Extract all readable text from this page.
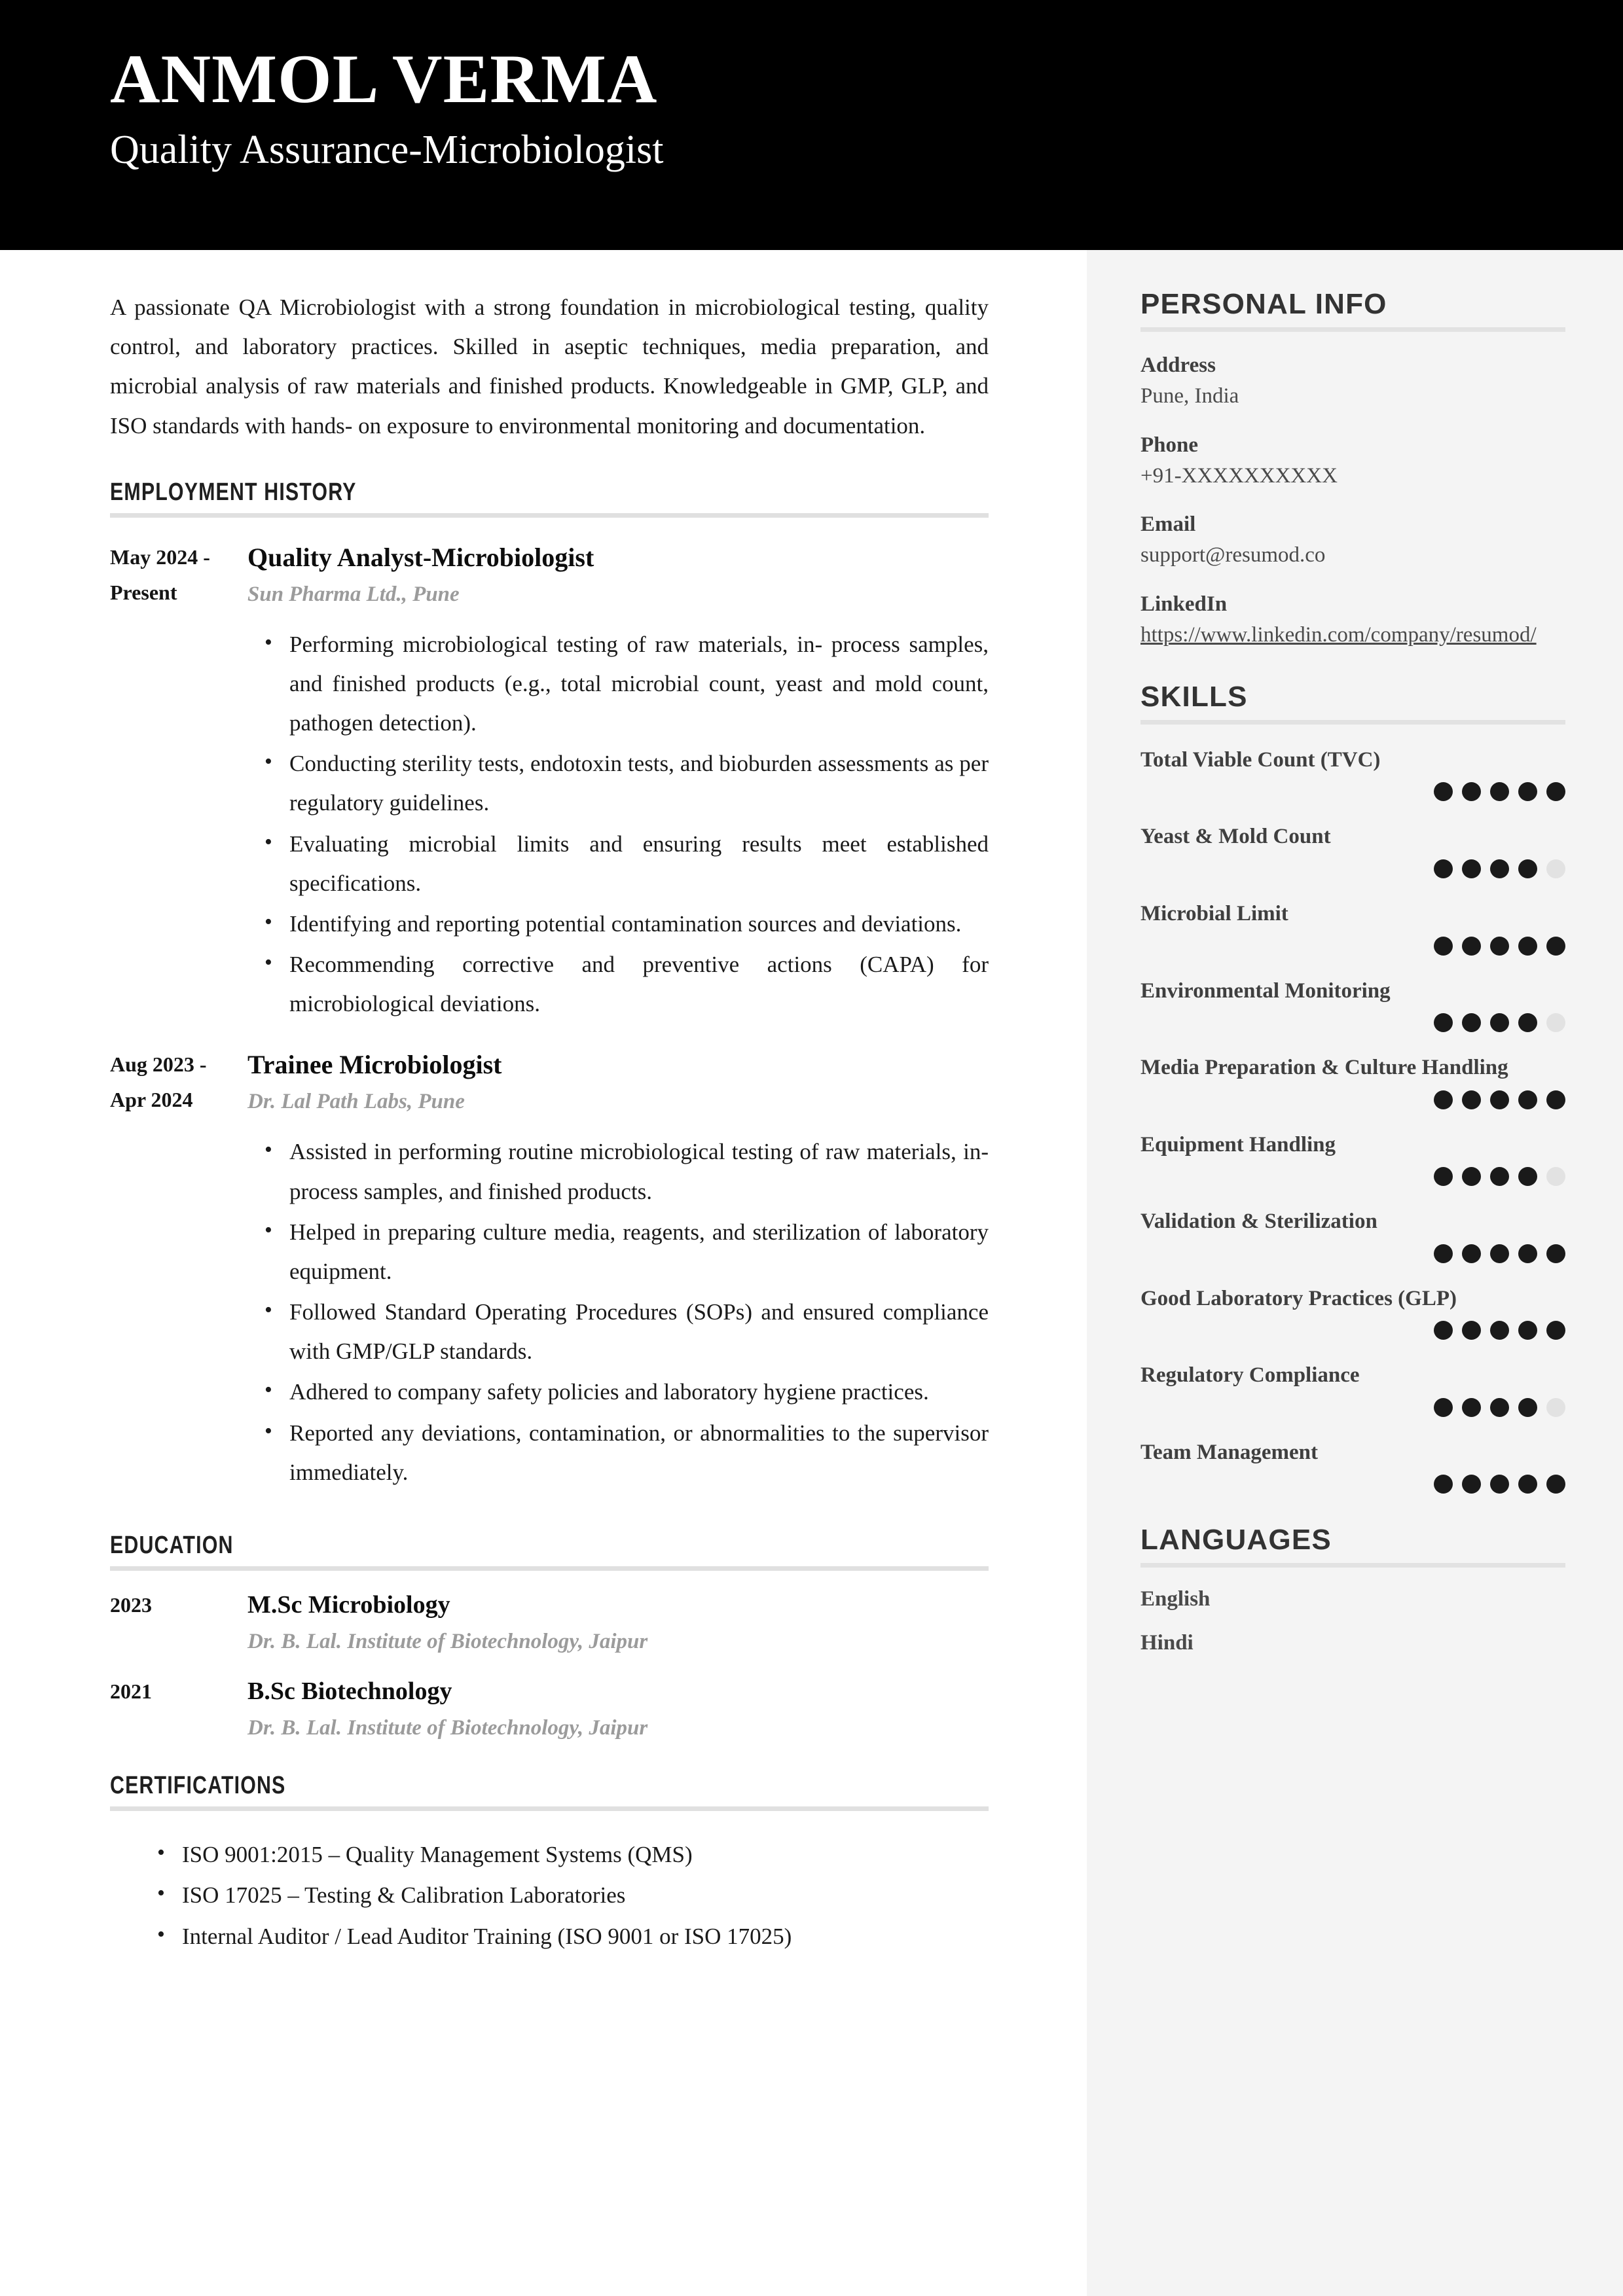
ANMOL VERMA
Quality Assurance-Microbiologist
A passionate QA Microbiologist with a strong foundation in microbiological testing, quality control, and laboratory practices. Skilled in aseptic techniques, media preparation, and microbial analysis of raw materials and finished products. Knowledgeable in GMP, GLP, and ISO standards with hands- on exposure to environmental monitoring and documentation.
EMPLOYMENT HISTORY
May 2024 -
Present
Quality Analyst-Microbiologist
Sun Pharma Ltd., Pune
• Performing microbiological testing of raw materials, in- process samples, and finished products (e.g., total microbial count, yeast and mold count, pathogen detection).
• Conducting sterility tests, endotoxin tests, and bioburden assessments as per regulatory guidelines.
• Evaluating microbial limits and ensuring results meet established specifications.
• Identifying and reporting potential contamination sources and deviations.
• Recommending corrective and preventive actions (CAPA) for microbiological deviations.
Aug 2023 -
Apr 2024
Trainee Microbiologist
Dr. Lal Path Labs, Pune
• Assisted in performing routine microbiological testing of raw materials, in-process samples, and finished products.
• Helped in preparing culture media, reagents, and sterilization of laboratory equipment.
• Followed Standard Operating Procedures (SOPs) and ensured compliance with GMP/GLP standards.
• Adhered to company safety policies and laboratory hygiene practices.
• Reported any deviations, contamination, or abnormalities to the supervisor immediately.
EDUCATION
2023	M.Sc Microbiology
Dr. B. Lal. Institute of Biotechnology, Jaipur
2021	B.Sc Biotechnology
Dr. B. Lal. Institute of Biotechnology, Jaipur
CERTIFICATIONS
• ISO 9001:2015 – Quality Management Systems (QMS)
• ISO 17025 – Testing & Calibration Laboratories
• Internal Auditor / Lead Auditor Training (ISO 9001 or ISO 17025)
PERSONAL INFO
Address
Pune, India
Phone
+91-XXXXXXXXXX
Email
support@resumod.co
LinkedIn
https://www.linkedin.com/company/resumod/
SKILLS
Total Viable Count (TVC)
Yeast & Mold Count
Microbial Limit
Environmental Monitoring
Media Preparation & Culture Handling
Equipment Handling
Validation & Sterilization
Good Laboratory Practices (GLP)
Regulatory Compliance
Team Management
LANGUAGES
English
Hindi
